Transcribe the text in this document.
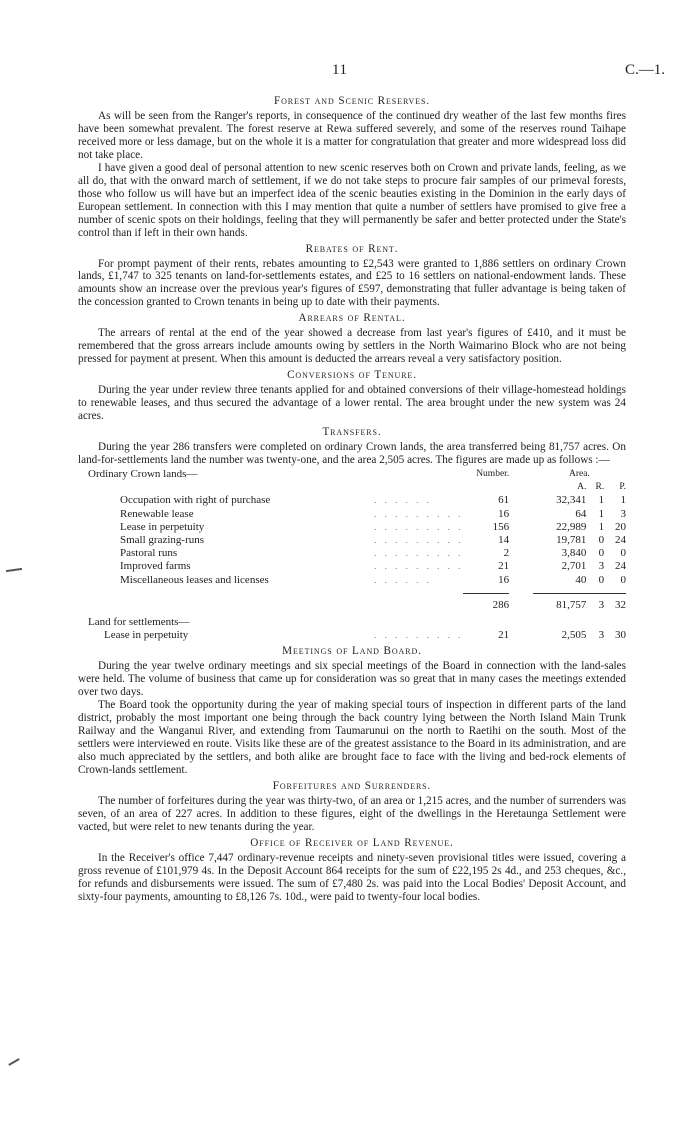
11	C.—1.
Forest and Scenic Reserves.

As will be seen from the Ranger's reports, in consequence of the continued dry weather of the last few months fires have been somewhat prevalent. The forest reserve at Rewa suffered severely, and some of the reserves round Taihape received more or less damage, but on the whole it is a matter for congratulation that greater and more widespread loss did not take place.

I have given a good deal of personal attention to new scenic reserves both on Crown and private lands, feeling, as we all do, that with the onward march of settlement, if we do not take steps to procure fair samples of our primeval forests, those who follow us will have but an imperfect idea of the scenic beauties existing in the Dominion in the early days of European settlement. In connection with this I may mention that quite a number of settlers have promised to give free a number of scenic spots on their holdings, feeling that they will permanently be safer and better protected under the State's control than if left in their own hands.

Rebates of Rent.

For prompt payment of their rents, rebates amounting to £2,543 were granted to 1,886 settlers on ordinary Crown lands, £1,747 to 325 tenants on land-for-settlements estates, and £25 to 16 settlers on national-endowment lands. These amounts show an increase over the previous year's figures of £597, demonstrating that fuller advantage is being taken of the concession granted to Crown tenants in being up to date with their payments.

Arrears of Rental.

The arrears of rental at the end of the year showed a decrease from last year's figures of £410, and it must be remembered that the gross arrears include amounts owing by settlers in the North Waimarino Block who are not being pressed for payment at present. When this amount is deducted the arrears reveal a very satisfactory position.

Conversions of Tenure.

During the year under review three tenants applied for and obtained conversions of their village-homestead holdings to renewable leases, and thus secured the advantage of a lower rental. The area brought under the new system was 24 acres.

Transfers.

During the year 286 transfers were completed on ordinary Crown lands, the area transferred being 81,757 acres. On land-for-settlements land the number was twenty-one, and the area 2,505 acres. The figures are made up as follows :—

Ordinary Crown lands—		Number.		Area.		
				A.	R.	P.
Occupation with right of purchase	. . . . . .	61		32,341	1	1
Renewable lease	. . . . . . . . .	16		64	1	3
Lease in perpetuity	. . . . . . . . .	156		22,989	1	20
Small grazing-runs	. . . . . . . . .	14		19,781	0	24
Pastoral runs	. . . . . . . . .	2		3,840	0	0
Improved farms	. . . . . . . . .	21		2,701	3	24
Miscellaneous leases and licenses	. . . . . .	16		40	0	0

		286		81,757	3	32
Land for settlements—						
Lease in perpetuity	. . . . . . . . .	21		2,505	3	30
Meetings of Land Board.

During the year twelve ordinary meetings and six special meetings of the Board in connection with the land-sales were held. The volume of business that came up for consideration was so great that in many cases the meetings extended over two days.

The Board took the opportunity during the year of making special tours of inspection in different parts of the land district, probably the most important one being through the back country lying between the North Island Main Trunk Railway and the Wanganui River, and extending from Taumarunui on the north to Raetihi on the south. Most of the settlers were interviewed en route. Visits like these are of the greatest assistance to the Board in its administration, and are also much appreciated by the settlers, and both alike are brought face to face with the living and bed-rock elements of Crown-lands settlement.

Forfeitures and Surrenders.

The number of forfeitures during the year was thirty-two, of an area or 1,215 acres, and the number of surrenders was seven, of an area of 227 acres. In addition to these figures, eight of the dwellings in the Heretaunga Settlement were vacted, but were relet to new tenants during the year.

Office of Receiver of Land Revenue.

In the Receiver's office 7,447 ordinary-revenue receipts and ninety-seven provisional titles were issued, covering a gross revenue of £101,979 4s. In the Deposit Account 864 receipts for the sum of £22,195 2s 4d., and 253 cheques, &c., for refunds and disbursements were issued. The sum of £7,480 2s. was paid into the Local Bodies' Deposit Account, and sixty-four payments, amounting to £8,126 7s. 10d., were paid to twenty-four local bodies.
